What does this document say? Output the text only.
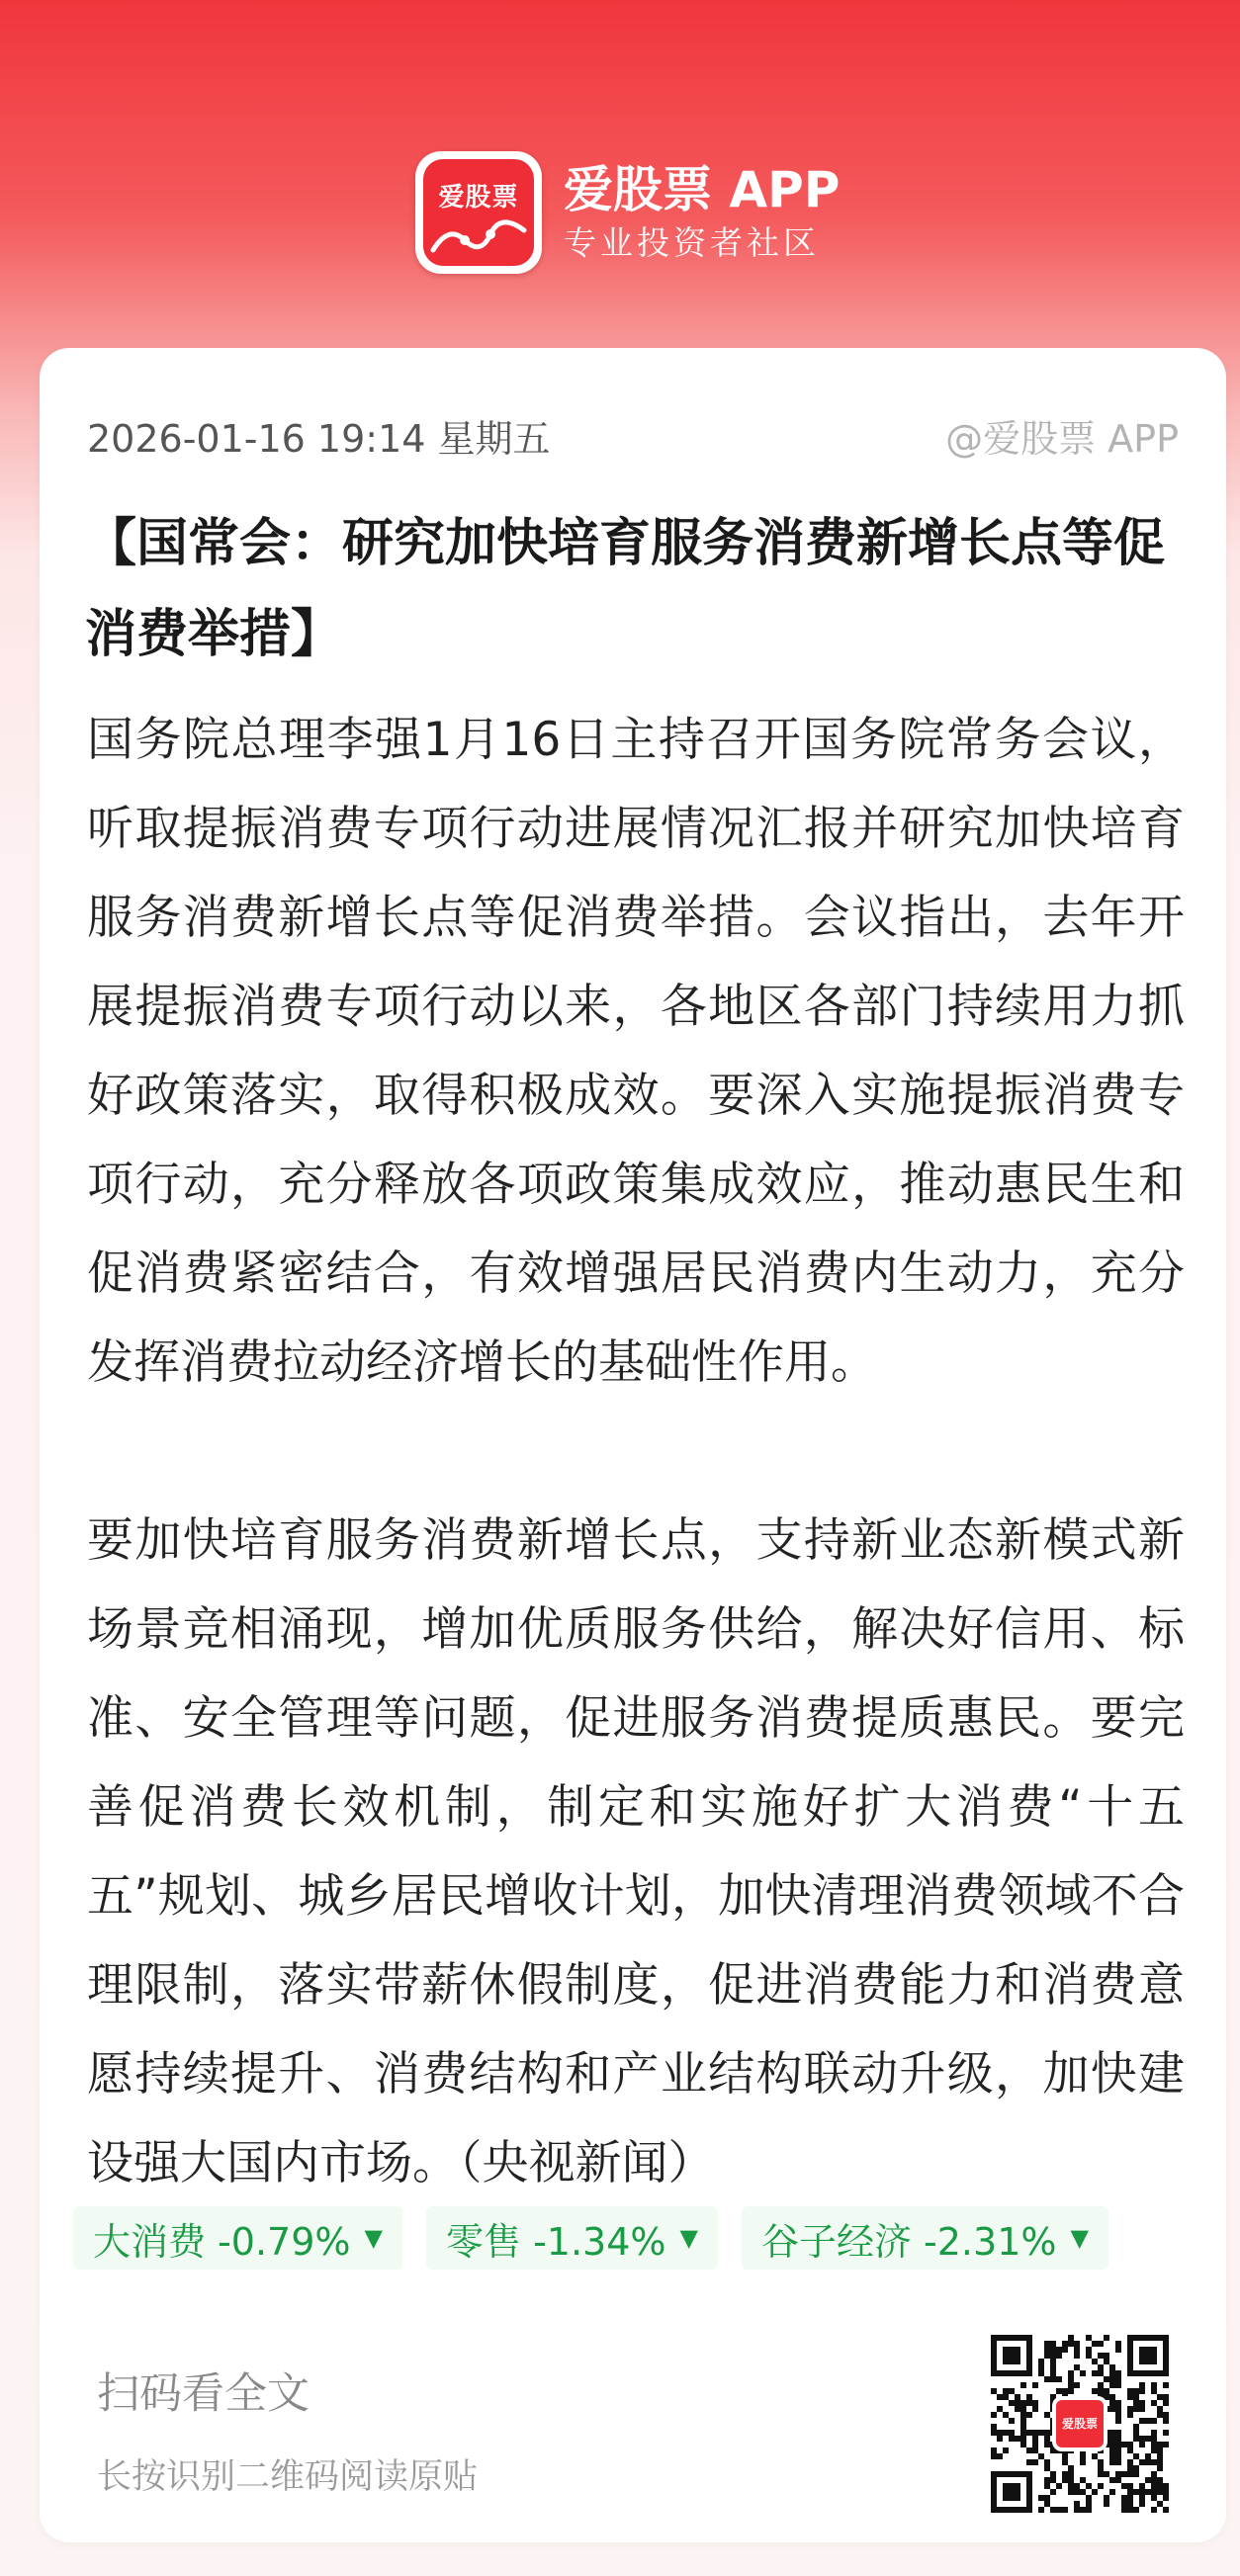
爱股票 爱股票 APP
专业投资者社区
2026-01-16 19:14 星期五	@爱股票 APP
【国常会：研究加快培育服务消费新增长点等促消费举措】

国务院总理李强1月16日主持召开国务院常务会议，听取提振消费专项行动进展情况汇报并研究加快培育服务消费新增长点等促消费举措。会议指出，去年开展提振消费专项行动以来，各地区各部门持续用力抓好政策落实，取得积极成效。要深入实施提振消费专项行动，充分释放各项政策集成效应，推动惠民生和促消费紧密结合，有效增强居民消费内生动力，充分发挥消费拉动经济增长的基础性作用。

要加快培育服务消费新增长点，支持新业态新模式新场景竞相涌现，增加优质服务供给，解决好信用、标准、安全管理等问题，促进服务消费提质惠民。要完善促消费长效机制，制定和实施好扩大消费“十五五”规划、城乡居民增收计划，加快清理消费领域不合理限制，落实带薪休假制度，促进消费能力和消费意愿持续提升、消费结构和产业结构联动升级，加快建设强大国内市场。（央视新闻）

大消费 -0.79% ▼ 零售 -1.34% ▼ 谷子经济 -2.31% ▼
扫码看全文
长按识别二维码阅读原贴
爱股票
